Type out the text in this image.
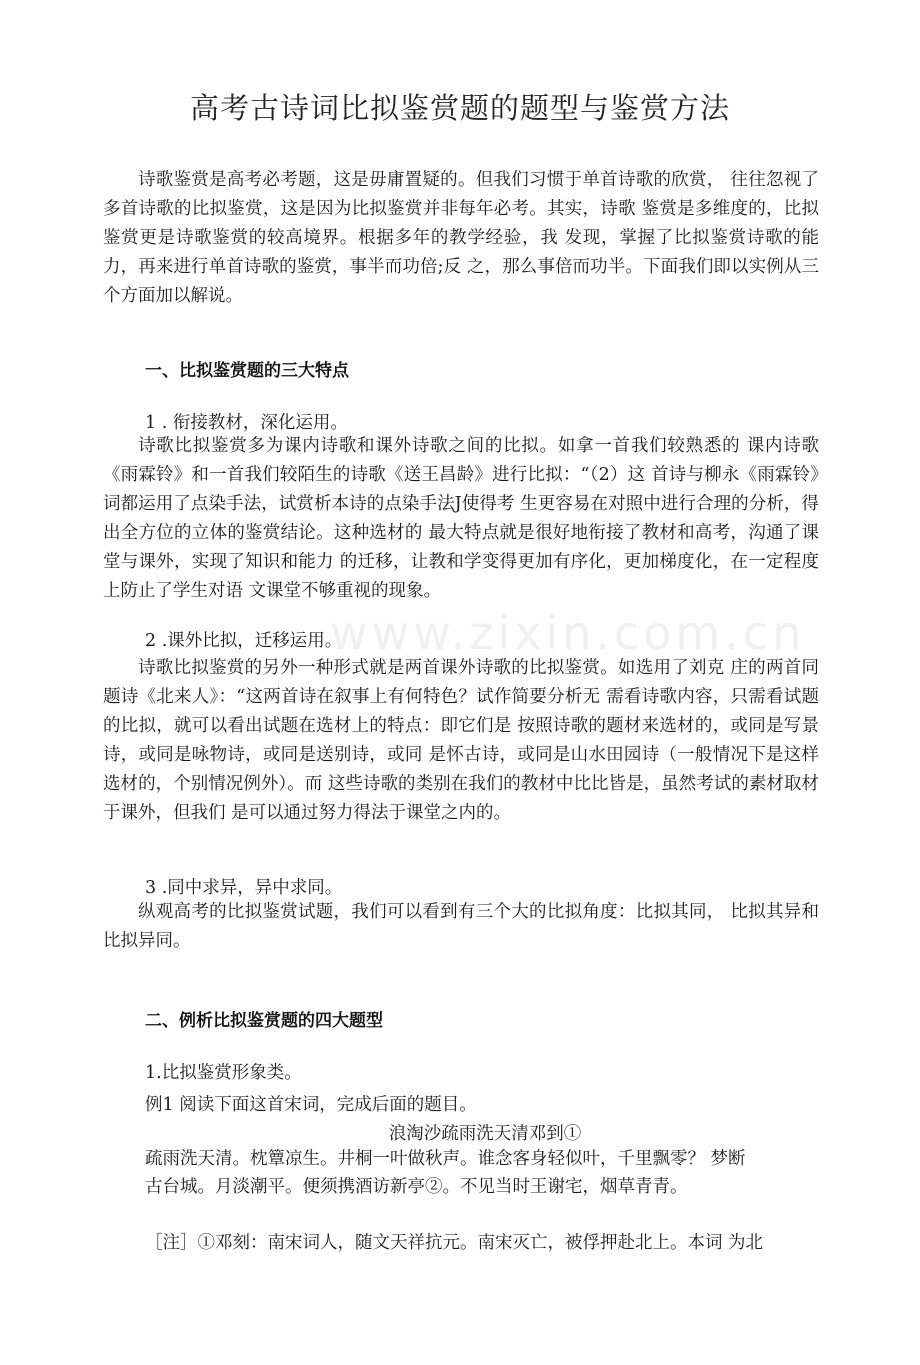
www.zixin.com.cn
高考古诗词比拟鉴赏题的题型与鉴赏方法

诗歌鉴赏是高考必考题，这是毋庸置疑的。但我们习惯于单首诗歌的欣赏， 往往忽视了多首诗歌的比拟鉴赏，这是因为比拟鉴赏并非每年必考。其实，诗歌 鉴赏是多维度的，比拟鉴赏更是诗歌鉴赏的较高境界。根据多年的教学经验，我 发现，掌握了比拟鉴赏诗歌的能力，再来进行单首诗歌的鉴赏，事半而功倍;反 之，那么事倍而功半。下面我们即以实例从三个方面加以解说。

一、比拟鉴赏题的三大特点

1 . 衔接教材，深化运用。

诗歌比拟鉴赏多为课内诗歌和课外诗歌之间的比拟。如拿一首我们较熟悉的 课内诗歌《雨霖铃》和一首我们较陌生的诗歌《送王昌龄》进行比拟：“（2）这 首诗与柳永《雨霖铃》词都运用了点染手法，试赏析本诗的点染手法J使得考 生更容易在对照中进行合理的分析，得出全方位的立体的鉴赏结论。这种选材的 最大特点就是很好地衔接了教材和高考，沟通了课堂与课外，实现了知识和能力 的迁移，让教和学变得更加有序化，更加梯度化，在一定程度上防止了学生对语 文课堂不够重视的现象。

2 .课外比拟，迁移运用。

诗歌比拟鉴赏的另外一种形式就是两首课外诗歌的比拟鉴赏。如选用了刘克 庄的两首同题诗《北来人》：“这两首诗在叙事上有何特色？试作简要分析无 需看诗歌内容，只需看试题的比拟，就可以看出试题在选材上的特点：即它们是 按照诗歌的题材来选材的，或同是写景诗，或同是咏物诗，或同是送别诗，或同 是怀古诗，或同是山水田园诗（一般情况下是这样选材的，个别情况例外）。而 这些诗歌的类别在我们的教材中比比皆是，虽然考试的素材取材于课外，但我们 是可以通过努力得法于课堂之内的。

3 .同中求异，异中求同。

纵观高考的比拟鉴赏试题，我们可以看到有三个大的比拟角度：比拟其同， 比拟其异和比拟异同。

二、例析比拟鉴赏题的四大题型

1.比拟鉴赏形象类。

例1 阅读下面这首宋词，完成后面的题目。

浪淘沙疏雨洗天清邓到①

疏雨洗天清。枕簟凉生。井桐一叶做秋声。谁念客身轻似叶，千里飘零？ 梦断

古台城。月淡潮平。便须携酒访新亭②。不见当时王谢宅，烟草青青。

［注］①邓刻：南宋词人，随文天祥抗元。南宋灭亡，被俘押赴北上。本词 为北
